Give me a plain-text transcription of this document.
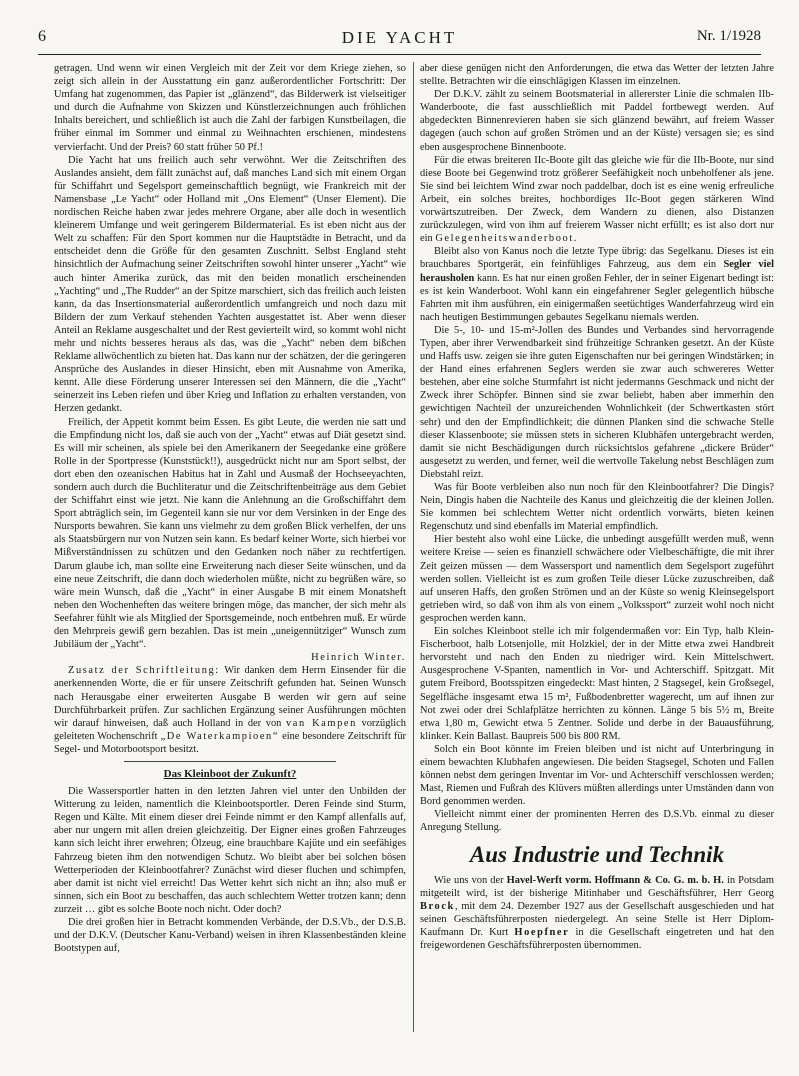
6	DIE YACHT	Nr. 1/1928

getragen. Und wenn wir einen Vergleich mit der Zeit vor dem Kriege ziehen, so zeigt sich allein in der Ausstattung ein ganz außerordentlicher Fortschritt: Der Umfang hat zugenommen, das Papier ist „glänzend“, das Bilderwerk ist vielseitiger und durch die Aufnahme von Skizzen und Künstlerzeichnungen auch fröhlichen Inhalts bereichert, und schließlich ist auch die Zahl der farbigen Kunstbeilagen, die früher einmal im Sommer und einmal zu Weihnachten erschienen, mindestens vervierfacht. Und der Preis? 60 statt früher 50 Pf.!

Die Yacht hat uns freilich auch sehr verwöhnt. Wer die Zeitschriften des Auslandes ansieht, dem fällt zunächst auf, daß manches Land sich mit einem Organ für Schiffahrt und Segelsport gemeinschaftlich begnügt, wie Frankreich mit der Namensbase „Le Yacht“ oder Holland mit „Ons Element“ (Unser Element). Die nordischen Reiche haben zwar jedes mehrere Organe, aber alle doch in wesentlich kleinerem Umfange und weit geringerem Bildermaterial. Es ist eben nicht aus der Welt zu schaffen: Für den Sport kommen nur die Hauptstädte in Betracht, und da entscheidet denn die Größe für den gesamten Zuschnitt. Selbst England steht hinsichtlich der Aufmachung seiner Zeitschriften sowohl hinter unserer „Yacht“ wie auch hinter Amerika zurück, das mit den beiden monatlich erscheinenden „Yachting“ und „The Rudder“ an der Spitze marschiert, sich das freilich auch leisten kann, da das Insertionsmaterial außerordentlich umfangreich und noch dazu mit Bildern der zum Verkauf stehenden Yachten ausgestattet ist. Aber wenn dieser Anteil an Reklame ausgeschaltet und der Rest gevierteilt wird, so kommt wohl nicht mehr und nichts besseres heraus als das, was die „Yacht“ neben dem bißchen Reklame allwöchentlich zu bieten hat. Das kann nur der schätzen, der die geringeren Ansprüche des Auslandes in dieser Hinsicht, eben mit Ausnahme von Amerika, kennt. Alle diese Förderung unserer Interessen sei den Männern, die die „Yacht“ seinerzeit ins Leben riefen und über Krieg und Inflation zu erhalten verstanden, von Herzen gedankt.

Freilich, der Appetit kommt beim Essen. Es gibt Leute, die werden nie satt und die Empfindung nicht los, daß sie auch von der „Yacht“ etwas auf Diät gesetzt sind. Es will mir scheinen, als spiele bei den Amerikanern der Seegedanke eine größere Rolle in der Sportpresse (Kunststück!!), ausgedrückt nicht nur am Sport selbst, der dort eben den ozeanischen Habitus hat in Zahl und Ausmaß der Hochseeyachten, sondern auch durch die Buchliteratur und die Zeitschriftenbeiträge aus dem Gebiet der Schiffahrt einst wie jetzt. Nie kann die Anlehnung an die Großschiffahrt dem Sport abträglich sein, im Gegenteil kann sie nur vor dem Versinken in der Enge des Nursports bewahren. Sie kann uns vielmehr zu dem großen Blick verhelfen, der uns als Staatsbürgern nur von Nutzen sein kann. Es bedarf keiner Worte, sich hierbei vor Mißverständnissen zu schützen und den Gedanken noch näher zu rechtfertigen. Darum glaube ich, man sollte eine Erweiterung nach dieser Seite wünschen, und da eine neue Zeitschrift, die dann doch wiederholen müßte, nicht zu begrüßen wäre, so wäre mein Wunsch, daß die „Yacht“ in einer Ausgabe B mit einem Monatsheft neben den Wochenheften das weitere bringen möge, das mancher, der sich mehr als Seefahrer fühlt wie als Mitglied der Sportsgemeinde, noch entbehren muß. Er würde den Mehrpreis gewiß gern bezahlen. Das ist mein „uneigennütziger“ Wunsch zum Jubiläum der „Yacht“.

Heinrich Winter.

Zusatz der Schriftleitung: Wir danken dem Herrn Einsender für die anerkennenden Worte, die er für unsere Zeitschrift gefunden hat. Seinen Wunsch nach Herausgabe einer erweiterten Ausgabe B werden wir gern auf seine Durchführbarkeit prüfen. Zur sachlichen Ergänzung seiner Ausführungen möchten wir darauf hinweisen, daß auch Holland in der von van Kampen vorzüglich geleiteten Wochenschrift „De Waterkampioen“ eine besondere Zeitschrift für Segel- und Motorbootsport besitzt.

Das Kleinboot der Zukunft?

Die Wassersportler hatten in den letzten Jahren viel unter den Unbilden der Witterung zu leiden, namentlich die Kleinbootsportler. Deren Feinde sind Sturm, Regen und Kälte. Mit einem dieser drei Feinde nimmt er den Kampf allenfalls auf, aber nur ungern mit allen dreien gleichzeitig. Der Eigner eines großen Fahrzeuges kann sich leicht ihrer erwehren; Ölzeug, eine brauchbare Kajüte und ein seefähiges Fahrzeug bieten ihm den notwendigen Schutz. Wo bleibt aber bei solchen bösen Wetterperioden der Kleinbootfahrer? Zunächst wird dieser fluchen und schimpfen, aber damit ist nicht viel erreicht! Das Wetter kehrt sich nicht an ihn; also muß er sinnen, sich ein Boot zu beschaffen, das auch schlechtem Wetter trotzen kann; denn zurzeit … gibt es solche Boote noch nicht. Oder doch?

Die drei großen hier in Betracht kommenden Verbände, der D.S.Vb., der D.S.B. und der D.K.V. (Deutscher Kanu-Verband) weisen in ihren Klassenbeständen kleine Bootstypen auf,

aber diese genügen nicht den Anforderungen, die etwa das Wetter der letzten Jahre stellte. Betrachten wir die einschlägigen Klassen im einzelnen.

Der D.K.V. zählt zu seinem Bootsmaterial in allererster Linie die schmalen IIb-Wanderboote, die fast ausschließlich mit Paddel fortbewegt werden. Auf abgedeckten Binnenrevieren haben sie sich glänzend bewährt, auf freiem Wasser dagegen (auch schon auf großen Strömen und an der Küste) versagen sie; es sind eben ausgesprochene Binnenboote.

Für die etwas breiteren IIc-Boote gilt das gleiche wie für die IIb-Boote, nur sind diese Boote bei Gegenwind trotz größerer Seefähigkeit noch unbeholfener als jene. Sie sind bei leichtem Wind zwar noch paddelbar, doch ist es eine wenig erfreuliche Arbeit, ein solches breites, hochbordiges IIc-Boot gegen stärkeren Wind vorwärtszutreiben. Der Zweck, dem Wandern zu dienen, also Distanzen zurückzulegen, wird von ihm auf freierem Wasser nicht erfüllt; es ist also dort nur ein Gelegenheitswanderboot.

Bleibt also von Kanus noch die letzte Type übrig: das Segelkanu. Dieses ist ein brauchbares Sportgerät, ein feinfühliges Fahrzeug, aus dem ein Segler viel herausholen kann. Es hat nur einen großen Fehler, der in seiner Eigenart bedingt ist: es ist kein Wanderboot. Wohl kann ein eingefahrener Segler gelegentlich hübsche Fahrten mit ihm ausführen, ein einigermaßen seetüchtiges Wanderfahrzeug wird ein nach heutigen Bestimmungen gebautes Segelkanu niemals werden.

Die 5-, 10- und 15-m²-Jollen des Bundes und Verbandes sind hervorragende Typen, aber ihrer Verwendbarkeit sind frühzeitige Schranken gesetzt. An der Küste und Haffs usw. zeigen sie ihre guten Eigenschaften nur bei geringen Windstärken; in der Hand eines erfahrenen Seglers werden sie zwar auch schwereres Wetter bestehen, aber eine solche Sturmfahrt ist nicht jedermanns Geschmack und nicht der Zweck ihrer Schöpfer. Binnen sind sie zwar beliebt, haben aber immerhin den gewichtigen Nachteil der unzureichenden Wohnlichkeit (der Schwertkasten stört sehr) und den der Empfindlichkeit; die dünnen Planken sind die schwache Stelle dieser Klassenboote; sie müssen stets in sicheren Klubhäfen untergebracht werden, damit sie nicht Beschädigungen durch rücksichtslos gefahrene „dickere Brüder“ ausgesetzt zu werden, und ferner, weil die wertvolle Takelung nebst Beschlägen zum Diebstahl reizt.

Was für Boote verbleiben also nun noch für den Kleinbootfahrer? Die Dingis? Nein, Dingis haben die Nachteile des Kanus und gleichzeitig die der kleinen Jollen. Sie kommen bei schlechtem Wetter nicht ordentlich vorwärts, bieten keinen Regenschutz und sind ebenfalls im Material empfindlich.

Hier besteht also wohl eine Lücke, die unbedingt ausgefüllt werden muß, wenn weitere Kreise — seien es finanziell schwächere oder Vielbeschäftigte, die mit ihrer Zeit geizen müssen — dem Wassersport und namentlich dem Segelsport zugeführt werden sollen. Vielleicht ist es zum großen Teile dieser Lücke zuzuschreiben, daß auf unseren Haffs, den großen Strömen und an der Küste so wenig Kleinsegelsport getrieben wird, so daß von ihm als von einem „Volkssport“ zurzeit wohl noch nicht gesprochen werden kann.

Ein solches Kleinboot stelle ich mir folgendermaßen vor: Ein Typ, halb Klein-Fischerboot, halb Lotsenjolle, mit Holzkiel, der in der Mitte etwa zwei Handbreit hervorsteht und nach den Enden zu niedriger wird. Kein Mittelschwert. Ausgesprochene V-Spanten, namentlich in Vor- und Achterschiff. Spitzgatt. Mit gutem Freibord, Bootsspitzen eingedeckt: Mast hinten, 2 Stagsegel, kein Großsegel, Segelfläche insgesamt etwa 15 m², Fußbodenbretter wagerecht, um auf ihnen zur Not zwei oder drei Schlafplätze herrichten zu können. Länge 5 bis 5½ m, Breite etwa 1,80 m, Gewicht etwa 5 Zentner. Solide und derbe in der Bauausführung, klinker. Kein Ballast. Baupreis 500 bis 800 RM.

Solch ein Boot könnte im Freien bleiben und ist nicht auf Unterbringung in einem bewachten Klubhafen angewiesen. Die beiden Stagsegel, Schoten und Fallen können nebst dem geringen Inventar im Vor- und Achterschiff verschlossen werden; Mast, Riemen und Fußrah des Klüvers müßten allerdings unter Umständen dann von Bord genommen werden.

Vielleicht nimmt einer der prominenten Herren des D.S.Vb. einmal zu dieser Anregung Stellung.

Aus Industrie und Technik

Wie uns von der Havel-Werft vorm. Hoffmann & Co. G. m. b. H. in Potsdam mitgeteilt wird, ist der bisherige Mitinhaber und Geschäftsführer, Herr Georg Brock, mit dem 24. Dezember 1927 aus der Gesellschaft ausgeschieden und hat seinen Geschäftsführerposten niedergelegt. An seine Stelle ist Herr Diplom-Kaufmann Dr. Kurt Hoepfner in die Gesellschaft eingetreten und hat den freigewordenen Geschäftsführerposten übernommen.
